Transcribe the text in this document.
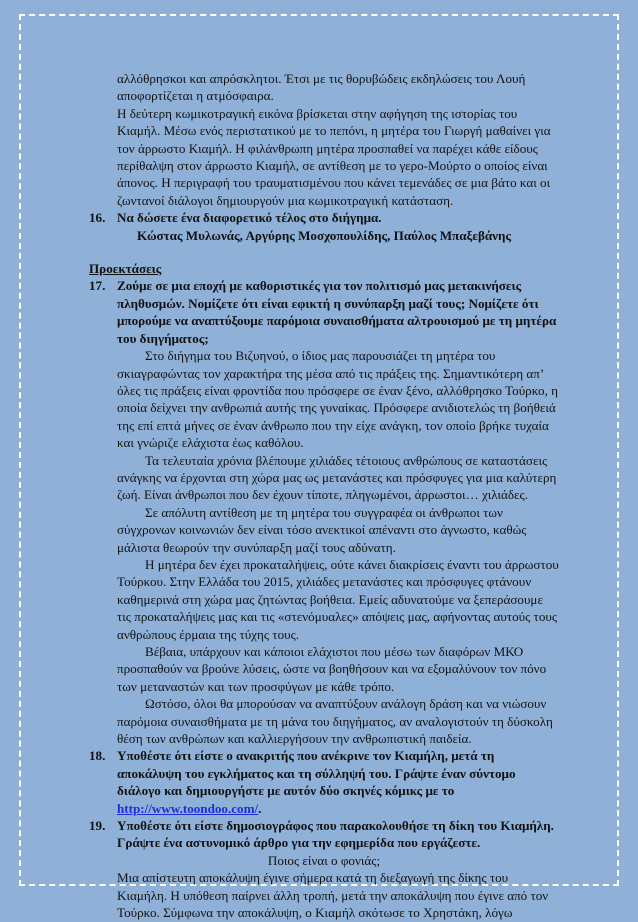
αλλόθρησκοι και απρόσκλητοι. Έτσι με τις θορυβώδεις εκδηλώσεις του Λουή αποφορτίζεται η ατμόσφαιρα.

Η δεύτερη κωμικοτραγική εικόνα βρίσκεται στην αφήγηση της ιστορίας του Κιαμήλ. Μέσω ενός περιστατικού με το πεπόνι, η μητέρα του Γιωργή μαθαίνει για τον άρρωστο Κιαμήλ. Η φιλάνθρωπη μητέρα προσπαθεί να παρέχει κάθε είδους περίθαλψη στον άρρωστο Κιαμήλ, σε αντίθεση με το γερο-Μούρτο ο οποίος είναι άπονος. Η περιγραφή του τραυματισμένου που κάνει τεμενάδες σε μια βάτο και οι ζωντανοί διάλογοι δημιουργούν μια κωμικοτραγική κατάσταση.

16. Να δώσετε ένα διαφορετικό τέλος στο διήγημα.

Κώστας Μυλωνάς, Αργύρης Μοσχοπουλίδης, Παύλος Μπαξεβάνης

Προεκτάσεις

17. Ζούμε σε μια εποχή με καθοριστικές για τον πολιτισμό μας μετακινήσεις πληθυσμών. Νομίζετε ότι είναι εφικτή η συνύπαρξη μαζί τους; Νομίζετε ότι μπορούμε να αναπτύξουμε παρόμοια συναισθήματα αλτρουισμού με τη μητέρα του διηγήματος;

Στο διήγημα του Βιζυηνού, ο ίδιος μας παρουσιάζει τη μητέρα του σκιαγραφώντας τον χαρακτήρα της μέσα από τις πράξεις της. Σημαντικότερη απ’ όλες τις πράξεις είναι φροντίδα που πρόσφερε σε έναν ξένο, αλλόθρησκο Τούρκο, η οποία δείχνει την ανθρωπιά αυτής της γυναίκας. Πρόσφερε ανιδιοτελώς τη βοήθειά της επί επτά μήνες σε έναν άνθρωπο που την είχε ανάγκη, τον οποίο βρήκε τυχαία και γνώριζε ελάχιστα έως καθόλου.

Τα τελευταία χρόνια βλέπουμε χιλιάδες τέτοιους ανθρώπους σε καταστάσεις ανάγκης να έρχονται στη χώρα μας ως μετανάστες και πρόσφυγες για μια καλύτερη ζωή. Είναι άνθρωποι που δεν έχουν τίποτε, πληγωμένοι, άρρωστοι… χιλιάδες.

Σε απόλυτη αντίθεση με τη μητέρα του συγγραφέα οι άνθρωποι των σύγχρονων κοινωνιών δεν είναι τόσο ανεκτικοί απέναντι στο άγνωστο, καθώς μάλιστα θεωρούν την συνύπαρξη μαζί τους αδύνατη.

Η μητέρα δεν έχει προκαταλήψεις, ούτε κάνει διακρίσεις έναντι του άρρωστου Τούρκου. Στην Ελλάδα του 2015, χιλιάδες μετανάστες και πρόσφυγες φτάνουν καθημερινά στη χώρα μας ζητώντας βοήθεια. Εμείς αδυνατούμε να ξεπεράσουμε τις προκαταλήψεις μας και τις «στενόμυαλες» απόψεις μας, αφήνοντας αυτούς τους ανθρώπους έρμαια της τύχης τους.

Βέβαια, υπάρχουν και κάποιοι ελάχιστοι που μέσω των διαφόρων ΜΚΟ προσπαθούν να βρούνε λύσεις, ώστε να βοηθήσουν και να εξομαλύνουν τον πόνο των μεταναστών και των προσφύγων με κάθε τρόπο.

Ωστόσο, όλοι θα μπορούσαν να αναπτύξουν ανάλογη δράση και να νιώσουν παρόμοια συναισθήματα με τη μάνα του διηγήματος, αν αναλογιστούν τη δύσκολη θέση των ανθρώπων και καλλιεργήσουν την ανθρωπιστική παιδεία.

18. Υποθέστε ότι είστε ο ανακριτής που ανέκρινε τον Κιαμήλη, μετά τη αποκάλυψη του εγκλήματος και τη σύλληψή του. Γράψτε έναν σύντομο διάλογο και δημιουργήστε με αυτόν δύο σκηνές κόμικς με το http://www.toondoo.com/.
19. Υποθέστε ότι είστε δημοσιογράφος που παρακολουθήσε τη δίκη του Κιαμήλη. Γράψτε ένα αστυνομικό άρθρο για την εφημερίδα που εργάζεστε.

Ποιος είναι ο φονιάς;

Μια απίστευτη αποκάλυψη έγινε σήμερα κατά τη διεξαγωγή της δίκης του Κιαμήλη. Η υπόθεση παίρνει άλλη τροπή, μετά την αποκάλυψη που έγινε από τον Τούρκο. Σύμφωνα την αποκάλυψη, ο Κιαμήλ σκότωσε το Χρηστάκη, λόγω
